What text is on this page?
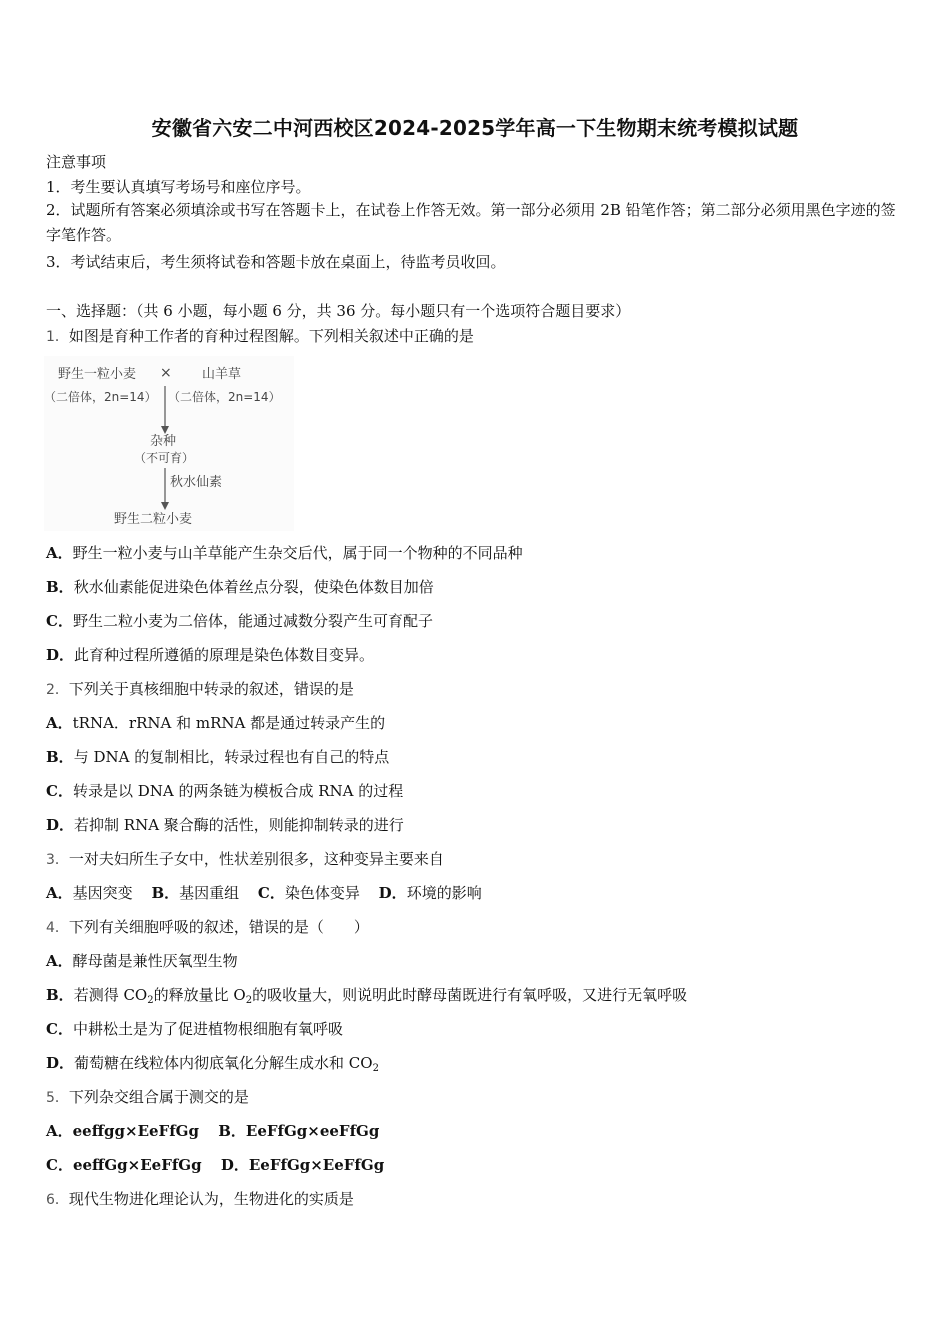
安徽省六安二中河西校区2024-2025学年高一下生物期末统考模拟试题
注意事项
1．考生要认真填写考场号和座位序号。
2．试题所有答案必须填涂或书写在答题卡上，在试卷上作答无效。第一部分必须用 2B 铅笔作答；第二部分必须用黑色字迹的签字笔作答。
3．考试结束后，考生须将试卷和答题卡放在桌面上，待监考员收回。
一、选择题：（共 6 小题，每小题 6 分，共 36 分。每小题只有一个选项符合题目要求）
1．如图是育种工作者的育种过程图解。下列相关叙述中正确的是
野生一粒小麦 × 山羊草
（二倍体，2n=14） （二倍体，2n=14）
杂种
（不可育）
秋水仙素
野生二粒小麦
A．野生一粒小麦与山羊草能产生杂交后代，属于同一个物种的不同品种
B．秋水仙素能促进染色体着丝点分裂，使染色体数目加倍
C．野生二粒小麦为二倍体，能通过减数分裂产生可育配子
D．此育种过程所遵循的原理是染色体数目变异。
2．下列关于真核细胞中转录的叙述，错误的是
A．tRNA．rRNA 和 mRNA 都是通过转录产生的
B．与 DNA 的复制相比，转录过程也有自己的特点
C．转录是以 DNA 的两条链为模板合成 RNA 的过程
D．若抑制 RNA 聚合酶的活性，则能抑制转录的进行
3．一对夫妇所生子女中，性状差别很多，这种变异主要来自
A．基因突变 B．基因重组 C．染色体变异 D．环境的影响
4．下列有关细胞呼吸的叙述，错误的是（　　）
A．酵母菌是兼性厌氧型生物
B．若测得 $CO_2$的释放量比 $O_2$的吸收量大，则说明此时酵母菌既进行有氧呼吸，又进行无氧呼吸
C．中耕松土是为了促进植物根细胞有氧呼吸
D．葡萄糖在线粒体内彻底氧化分解生成水和 $CO_2$
5．下列杂交组合属于测交的是
A．eeffgg×EeFfGg B．EeFfGg×eeFfGg
C．eeffGg×EeFfGg D．EeFfGg×EeFfGg
6．现代生物进化理论认为，生物进化的实质是
